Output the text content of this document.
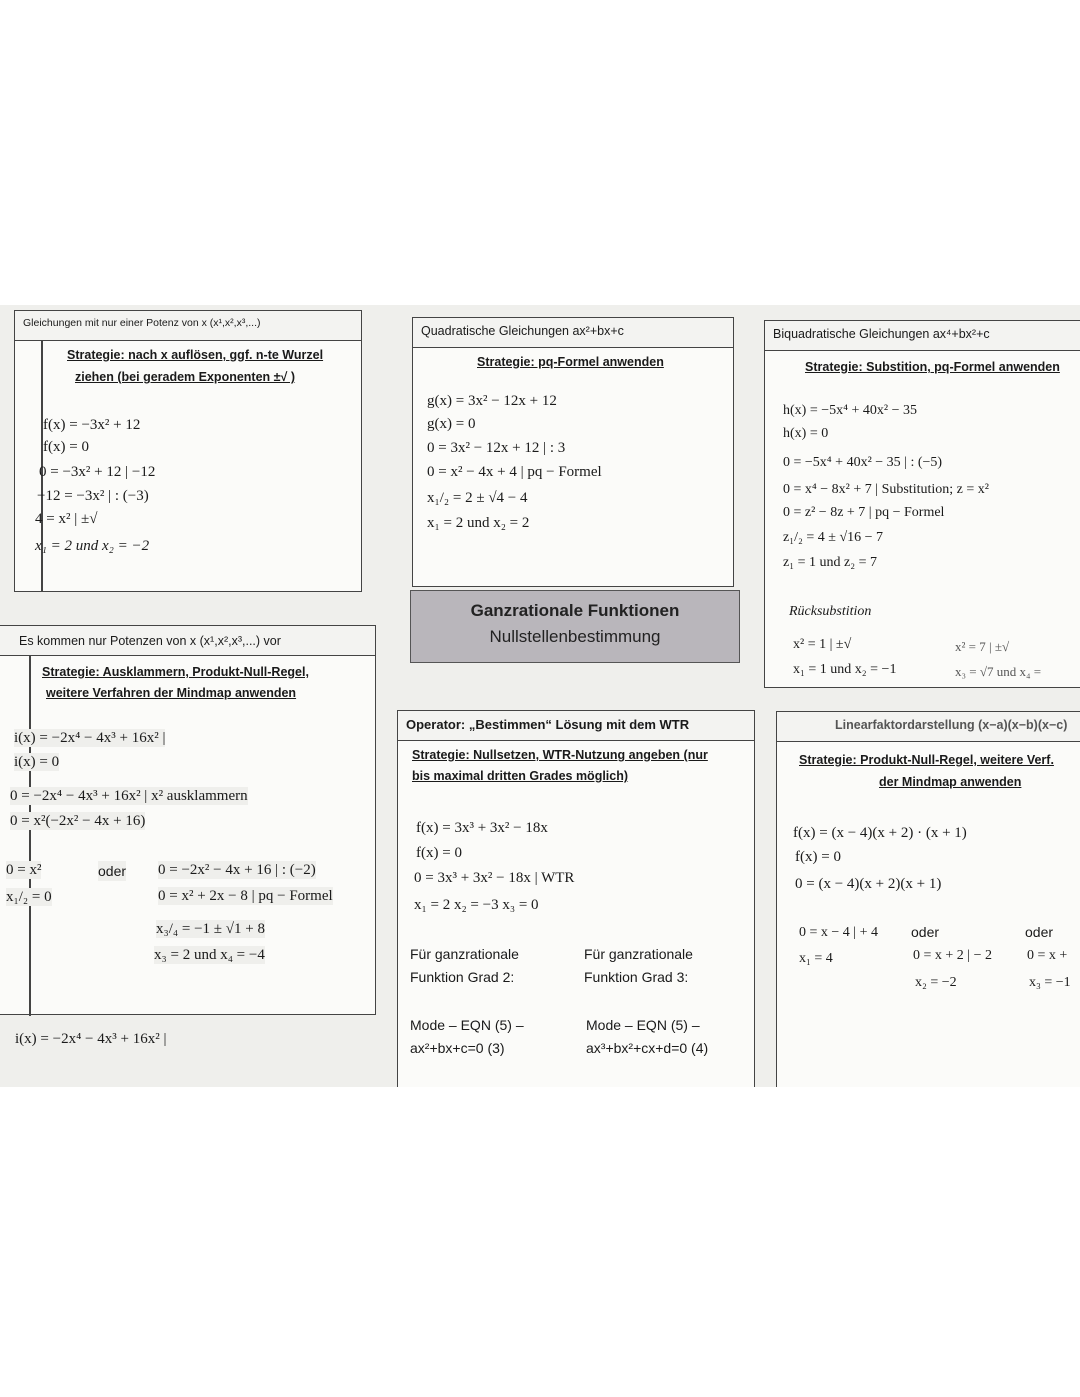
Gleichungen mit nur einer Potenz von x (x¹,x²,x³,...)
Strategie: nach x auflösen, ggf. n-te Wurzel
ziehen (bei geradem Exponenten ±√ )
f(x) = −3x² + 12
f(x) = 0
0 = −3x² + 12 | −12
−12 = −3x² | : (−3)
4 = x² | ±√
x₁ = 2 und x₂ = −2
Quadratische Gleichungen ax²+bx+c
Strategie: pq-Formel anwenden
g(x) = 3x² − 12x + 12
g(x) = 0
0 = 3x² − 12x + 12 | : 3
0 = x² − 4x + 4 | pq − Formel
x₁/₂ = 2 ± √4 − 4
x₁ = 2 und x₂ = 2
Biquadratische Gleichungen ax⁴+bx²+c
Strategie: Substition, pq-Formel anwenden
h(x) = −5x⁴ + 40x² − 35
h(x) = 0
0 = −5x⁴ + 40x² − 35 | : (−5)
0 = x⁴ − 8x² + 7 | Substitution; z = x²
0 = z² − 8z + 7 | pq − Formel
z₁/₂ = 4 ± √16 − 7
z₁ = 1 und z₂ = 7
Rücksubstition
x² = 1 | ±√
x₁ = 1 und x₂ = −1
x² = 7 | ±√
x₃ = √7 und x₄ =
Ganzrationale Funktionen
Nullstellenbestimmung
Es kommen nur Potenzen von x (x¹,x²,x³,...) vor
Strategie: Ausklammern, Produkt-Null-Regel,
weitere Verfahren der Mindmap anwenden
i(x) = −2x⁴ − 4x³ + 16x² |
i(x) = −2x⁴ − 4x³ + 16x² |
i(x) = 0
0 = −2x⁴ − 4x³ + 16x² | x² ausklammern
0 = x²(−2x² − 4x + 16)
0 = x²
x₁/₂ = 0
oder 0 = −2x² − 4x + 16 | : (−2)
0 = x² + 2x − 8 | pq − Formel
x₃/₄ = −1 ± √1 + 8
x₃ = 2 und x₄ = −4
Operator: „Bestimmen“ Lösung mit dem WTR
Strategie: Nullsetzen, WTR-Nutzung angeben (nur
bis maximal dritten Grades möglich)
f(x) = 3x³ + 3x² − 18x
f(x) = 0
0 = 3x³ + 3x² − 18x | WTR
x₁ = 2 x₂ = −3 x₃ = 0
Für ganzrationale
Funktion Grad 2:
Mode – EQN (5) –
ax²+bx+c=0 (3)
Für ganzrationale
Funktion Grad 3:
Mode – EQN (5) –
ax³+bx²+cx+d=0 (4)
Linearfaktordarstellung (x−a)(x−b)(x−c)
Strategie: Produkt-Null-Regel, weitere Verf.
der Mindmap anwenden
f(x) = (x − 4)(x + 2) · (x + 1)
f(x) = 0
0 = (x − 4)(x + 2)(x + 1)
0 = x − 4 | + 4
x₁ = 4
oder
0 = x + 2 | − 2
x₂ = −2
oder
0 = x +
x₃ = −1
